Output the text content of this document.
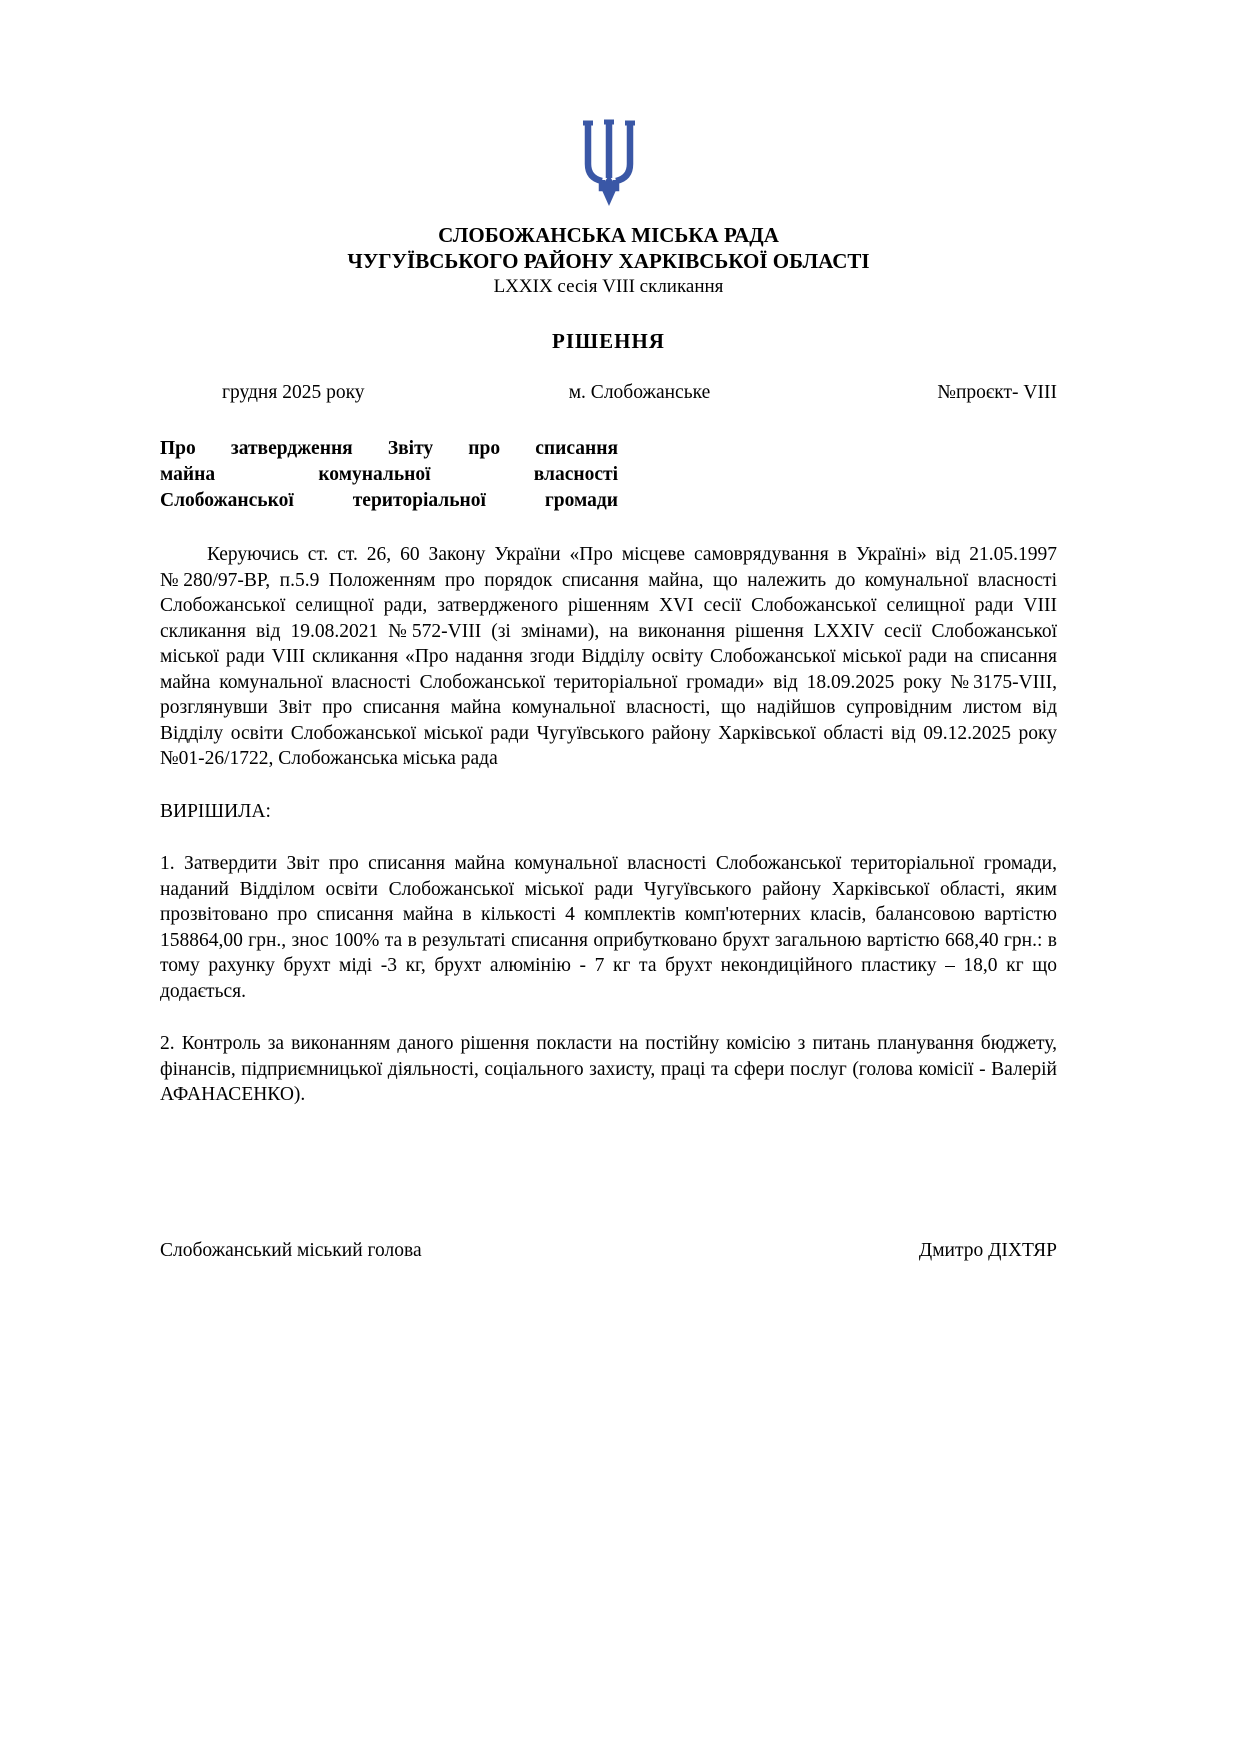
СЛОБОЖАНСЬКА МІСЬКА РАДА
ЧУГУЇВСЬКОГО РАЙОНУ ХАРКІВСЬКОЇ ОБЛАСТІ
LXXIX сесія VIII скликання
РІШЕННЯ
грудня 2025 року	м. Слобожанське	№проєкт- VIII
Про затвердження Звіту про списання
майна комунальної власності
Слобожанської територіальної громади

Керуючись ст. ст. 26, 60 Закону України «Про місцеве самоврядування в Україні» від 21.05.1997 №280/97-ВР, п.5.9 Положенням про порядок списання майна, що належить до комунальної власності Слобожанської селищної ради, затвердженого рішенням XVI сесії Слобожанської селищної ради VIII скликання від 19.08.2021 №572-VIII (зі змінами), на виконання рішення LXXIV сесії Слобожанської міської ради VIII скликання «Про надання згоди Відділу освіту Слобожанської міської ради на списання майна комунальної власності Слобожанської територіальної громади» від 18.09.2025 року №3175-VIII, розглянувши Звіт про списання майна комунальної власності, що надійшов супровідним листом від Відділу освіти Слобожанської міської ради Чугуївського району Харківської області від 09.12.2025 року №01-26/1722, Слобожанська міська рада

ВИРІШИЛА:

1. Затвердити Звіт про списання майна комунальної власності Слобожанської територіальної громади, наданий Відділом освіти Слобожанської міської ради Чугуївського району Харківської області, яким прозвітовано про списання майна в кількості 4 комплектів комп'ютерних класів, балансовою вартістю 158864,00 грн., знос 100% та в результаті списання оприбутковано брухт загальною вартістю 668,40 грн.: в тому рахунку брухт міді -3 кг, брухт алюмінію - 7 кг та брухт некондиційного пластику – 18,0 кг що додається.

2. Контроль за виконанням даного рішення покласти на постійну комісію з питань планування бюджету, фінансів, підприємницької діяльності, соціального захисту, праці та сфери послуг (голова комісії - Валерій АФАНАСЕНКО).

Слобожанський міський голова	Дмитро ДІХТЯР
